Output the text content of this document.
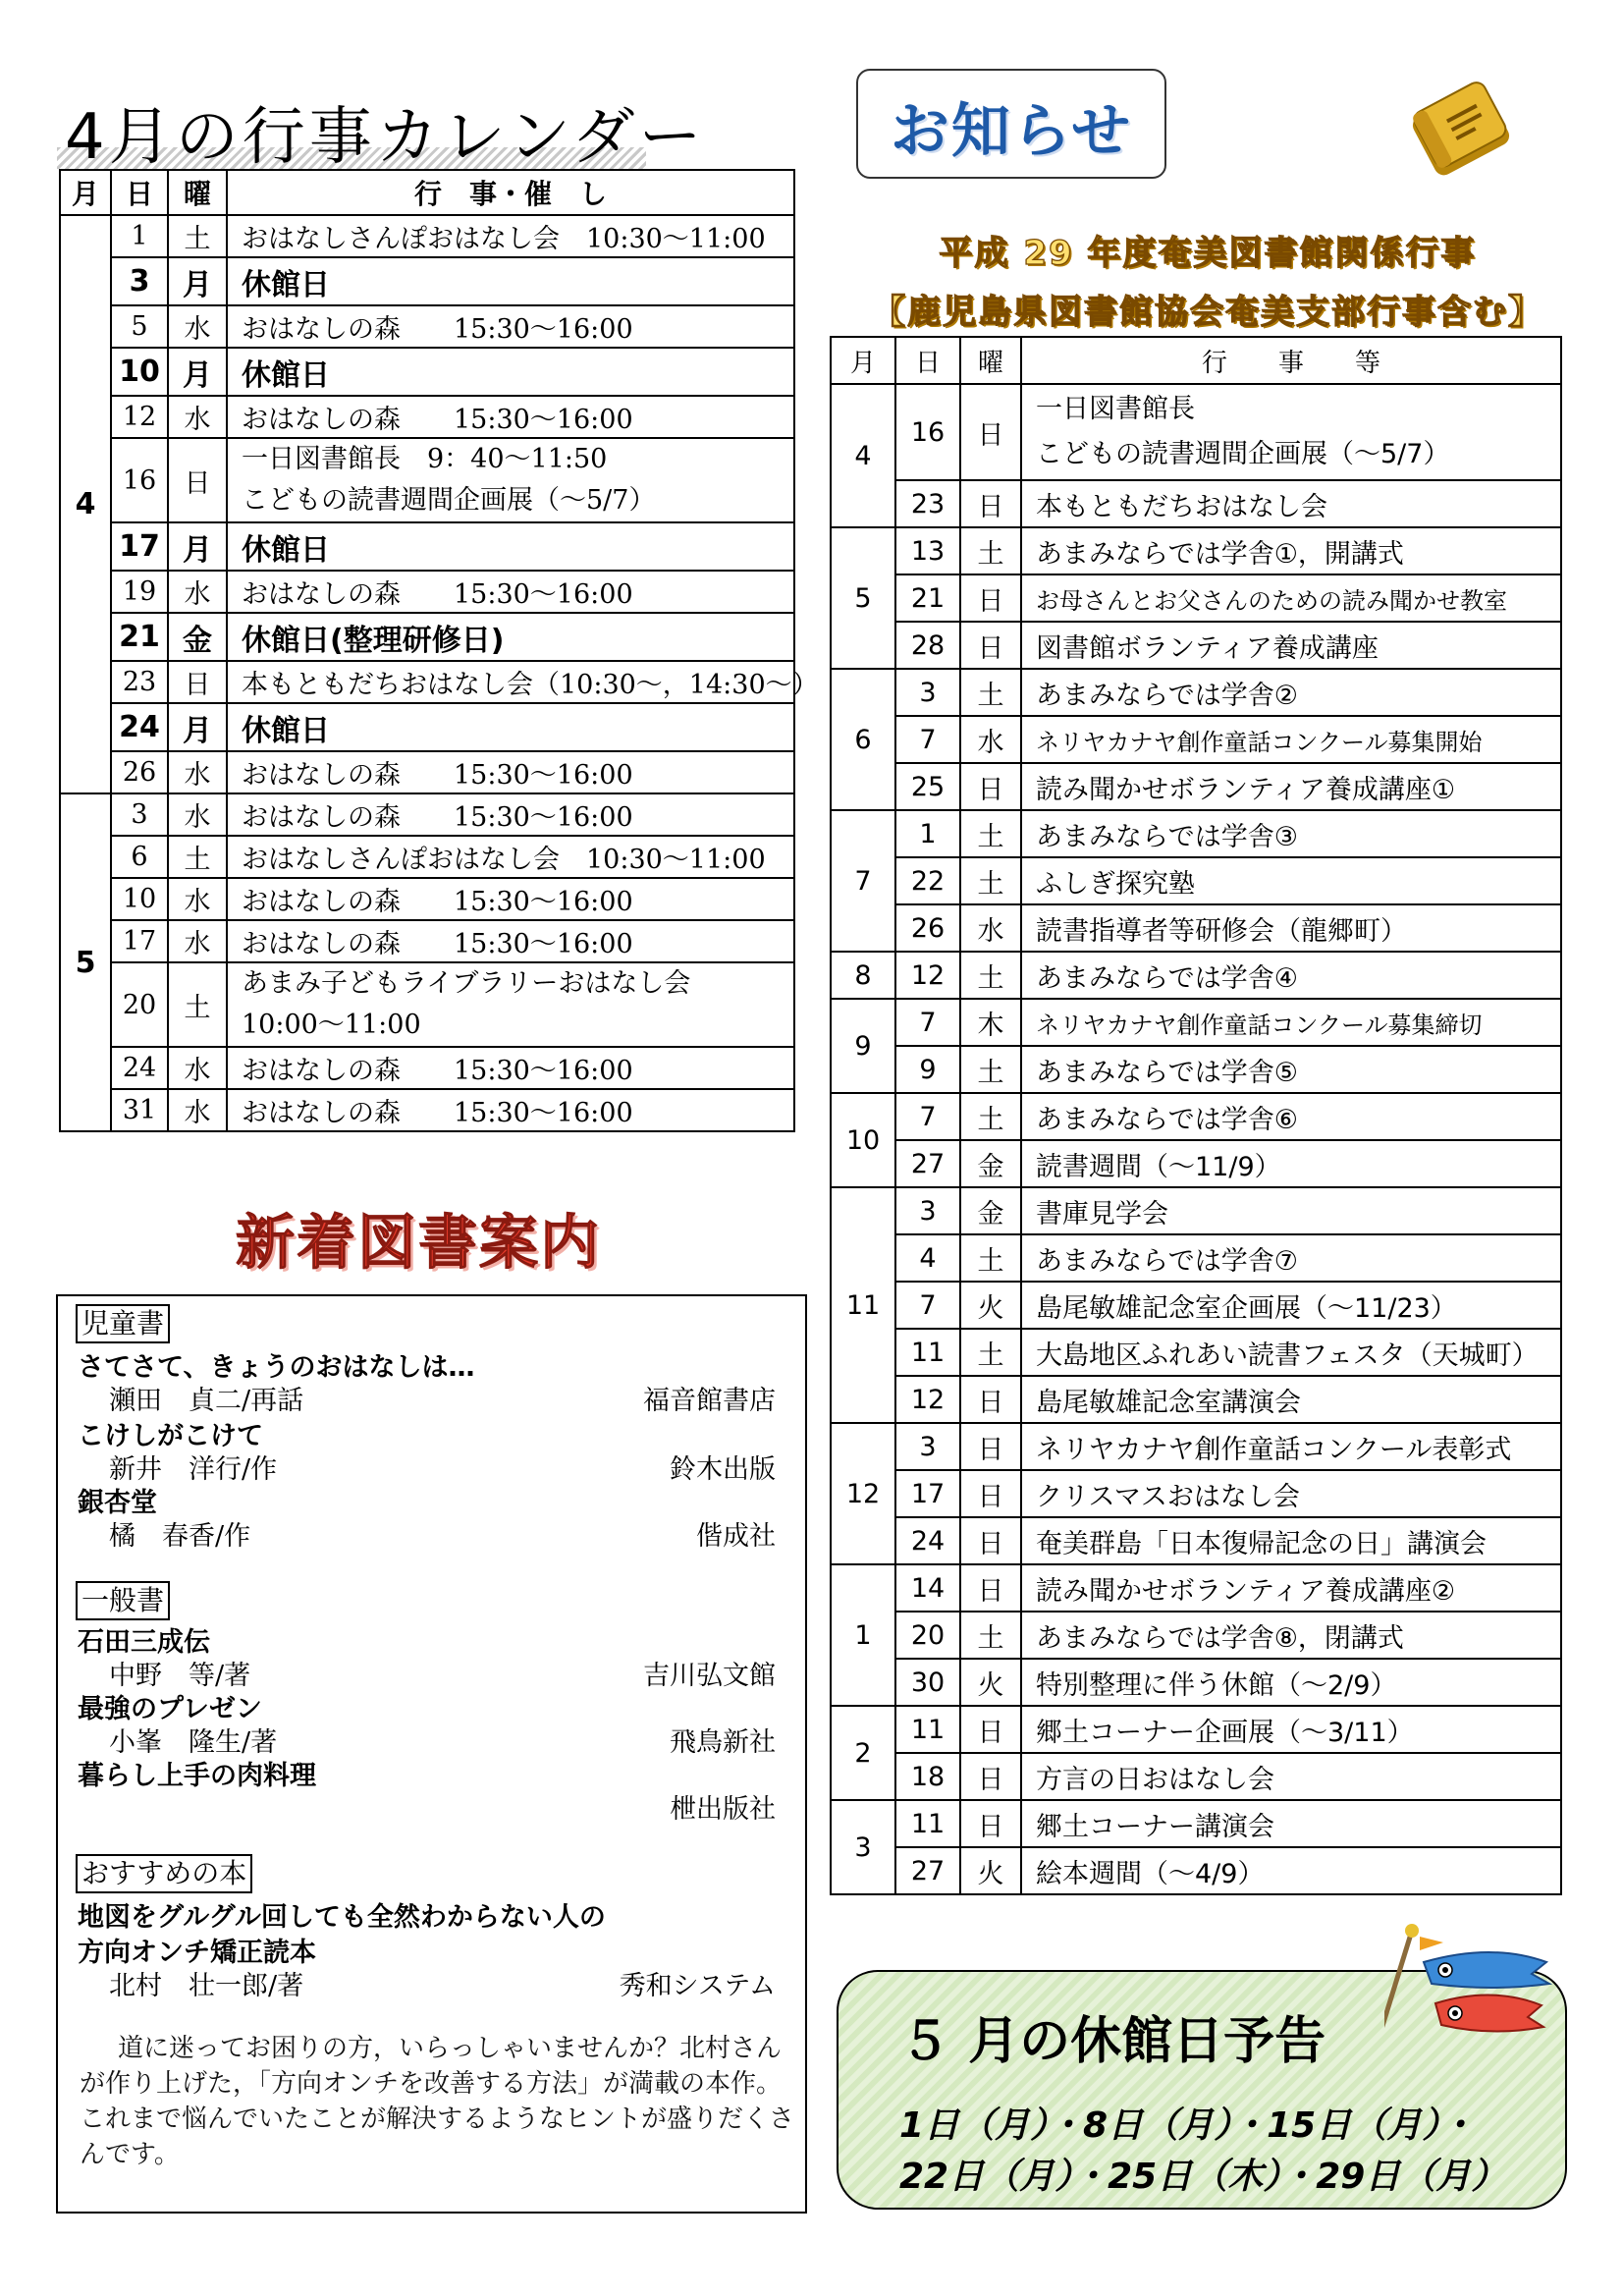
4月の行事カレンダー
月	日	曜	行　事・催　し
4	1	土	おはなしさんぽおはなし会　10:30～11:00
	3	月	休館日
	5	水	おはなしの森　　15:30～16:00
	10	月	休館日
	12	水	おはなしの森　　15:30～16:00
	16	日	一日図書館長　9：40～11:50
こどもの読書週間企画展（～5/7）

	17	月	休館日
	19	水	おはなしの森　　15:30～16:00
	21	金	休館日(整理研修日)
	23	日	本もともだちおはなし会（10:30～，14:30～）
	24	月	休館日
	26	水	おはなしの森　　15:30～16:00
5	3	水	おはなしの森　　15:30～16:00
	6	土	おはなしさんぽおはなし会　10:30～11:00
	10	水	おはなしの森　　15:30～16:00
	17	水	おはなしの森　　15:30～16:00
	20	土	あまみ子どもライブラリーおはなし会
10:00～11:00

	24	水	おはなしの森　　15:30～16:00
	31	水	おはなしの森　　15:30～16:00
お知らせ
平成 29 年度奄美図書館関係行事
【鹿児島県図書館協会奄美支部行事含む】
月	日	曜	行　　事　　等
4	16	日	一日図書館長
こどもの読書週間企画展（～5/7）

	23	日	本もともだちおはなし会
5	13	土	あまみならでは学舎①，開講式
	21	日	お母さんとお父さんのための読み聞かせ教室
	28	日	図書館ボランティア養成講座
6	3	土	あまみならでは学舎②
	7	水	ネリヤカナヤ創作童話コンクール募集開始
	25	日	読み聞かせボランティア養成講座①
7	1	土	あまみならでは学舎③
	22	土	ふしぎ探究塾
	26	水	読書指導者等研修会（龍郷町）
8	12	土	あまみならでは学舎④
9	7	木	ネリヤカナヤ創作童話コンクール募集締切
	9	土	あまみならでは学舎⑤
10	7	土	あまみならでは学舎⑥
	27	金	読書週間（～11/9）
11	3	金	書庫見学会
	4	土	あまみならでは学舎⑦
	7	火	島尾敏雄記念室企画展（～11/23）
	11	土	大島地区ふれあい読書フェスタ（天城町）
	12	日	島尾敏雄記念室講演会
12	3	日	ネリヤカナヤ創作童話コンクール表彰式
	17	日	クリスマスおはなし会
	24	日	奄美群島「日本復帰記念の日」講演会
1	14	日	読み聞かせボランティア養成講座②
	20	土	あまみならでは学舎⑧，閉講式
	30	火	特別整理に伴う休館（～2/9）
2	11	日	郷土コーナー企画展（～3/11）
	18	日	方言の日おはなし会
3	11	日	郷土コーナー講演会
	27	火	絵本週間（～4/9）
新着図書案内
児童書
さてさて、きょうのおはなしは…
瀬田　貞二/再話	福音館書店
こけしがこけて
新井　洋行/作	鈴木出版
銀杏堂
橘　春香/作	偕成社
一般書
石田三成伝
中野　等/著	吉川弘文館
最強のプレゼン
小峯　隆生/著	飛鳥新社
暮らし上手の肉料理
枻出版社
おすすめの本
地図をグルグル回しても全然わからない人の
方向オンチ矯正読本
北村　壮一郎/著	秀和システム
道に迷ってお困りの方，いらっしゃいませんか？北村さんが作り上げた，「方向オンチを改善する方法」が満載の本作。これまで悩んでいたことが解決するようなヒントが盛りだくさんです。
５ 月の休館日予告
1日（月）・8日（月）・15日（月）・
22日（月）・25日（木）・29日（月）
